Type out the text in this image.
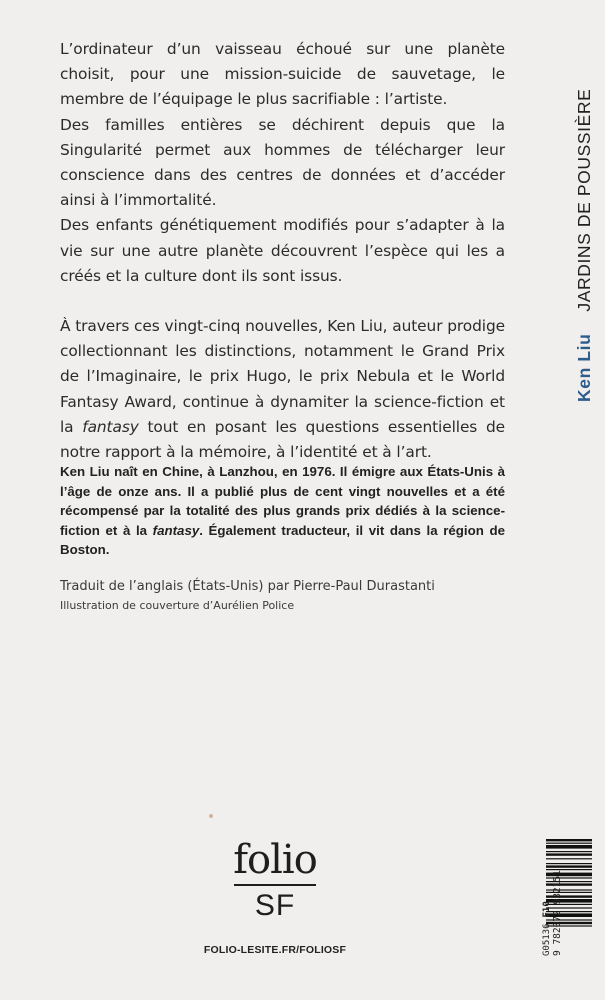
L’ordinateur d’un vaisseau échoué sur une planète choisit, pour une mission-suicide de sauvetage, le membre de l’équipage le plus sacrifiable : l’artiste.

Des familles entières se déchirent depuis que la Singularité permet aux hommes de télécharger leur conscience dans des centres de données et d’accéder ainsi à l’immortalité.

Des enfants génétiquement modifiés pour s’adapter à la vie sur une autre planète découvrent l’espèce qui les a créés et la culture dont ils sont issus.

À travers ces vingt-cinq nouvelles, Ken Liu, auteur prodige collectionnant les distinctions, notamment le Grand Prix de l’Imaginaire, le prix Hugo, le prix Nebula et le World Fantasy Award, continue à dynamiter la science-fiction et la fantasy tout en posant les questions essentielles de notre rapport à la mémoire, à l’identité et à l’art.

Ken Liu naît en Chine, à Lanzhou, en 1976. Il émigre aux États-Unis à l’âge de onze ans. Il a publié plus de cent vingt nouvelles et a été récompensé par la totalité des plus grands prix dédiés à la science-fiction et à la fantasy. Également traducteur, il vit dans la région de Boston.
Traduit de l’anglais (États-Unis) par Pierre-Paul Durastanti
Illustration de couverture d’Aurélien Police
Ken LiuJARDINS DE POUSSIÈRE
folio
SF
FOLIO-LESITE.FR/FOLIOSF	G05136
F10 9 782072 932151
